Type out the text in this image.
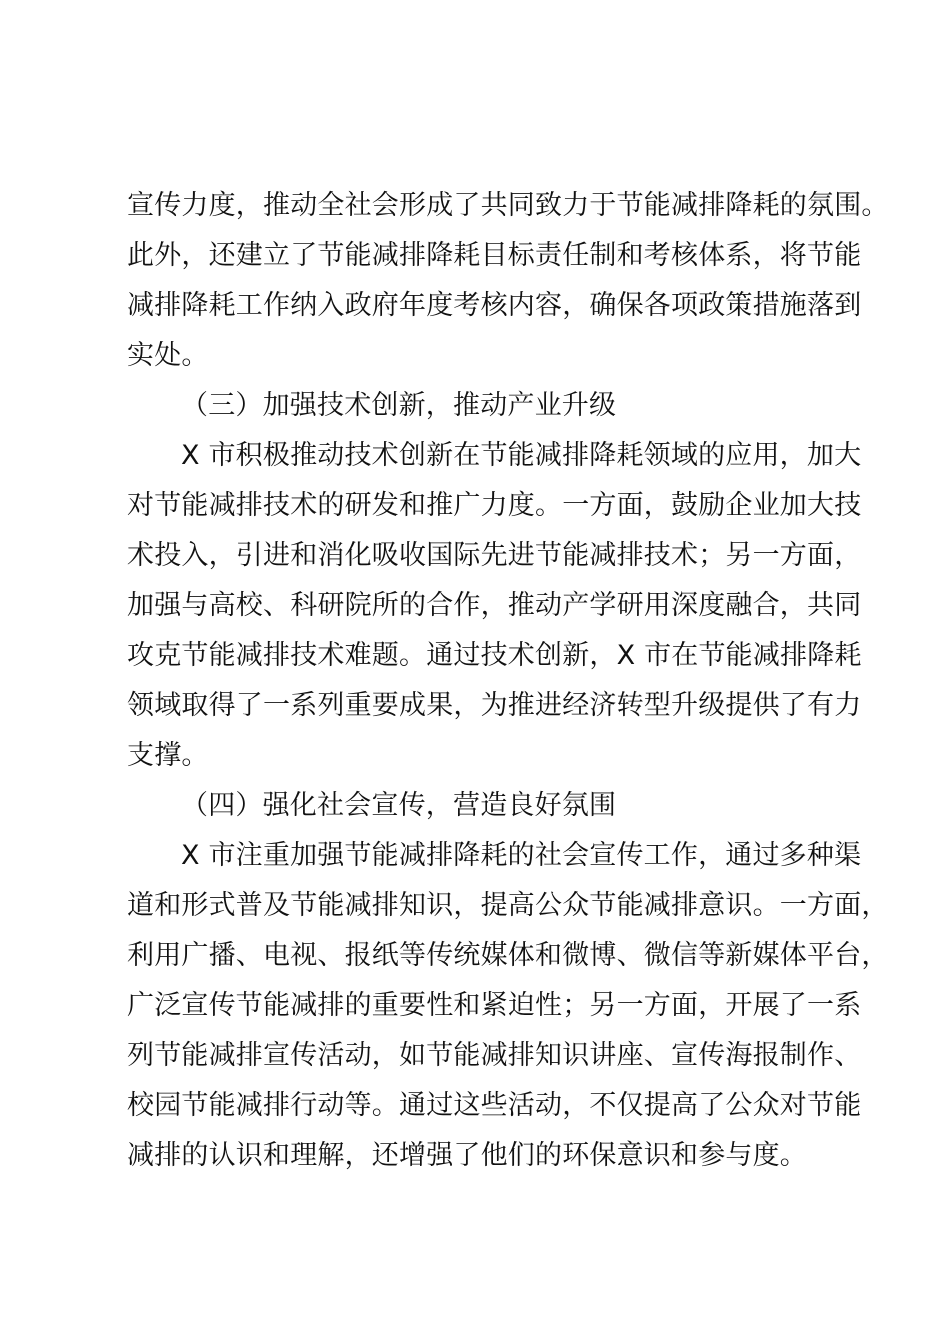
宣传力度，推动全社会形成了共同致力于节能减排降耗的氛围。
此外，还建立了节能减排降耗目标责任制和考核体系，将节能
减排降耗工作纳入政府年度考核内容，确保各项政策措施落到
实处。
（三）加强技术创新，推动产业升级
X 市积极推动技术创新在节能减排降耗领域的应用，加大
对节能减排技术的研发和推广力度。一方面，鼓励企业加大技
术投入，引进和消化吸收国际先进节能减排技术；另一方面，
加强与高校、科研院所的合作，推动产学研用深度融合，共同
攻克节能减排技术难题。通过技术创新，X 市在节能减排降耗
领域取得了一系列重要成果，为推进经济转型升级提供了有力
支撑。
（四）强化社会宣传，营造良好氛围
X 市注重加强节能减排降耗的社会宣传工作，通过多种渠
道和形式普及节能减排知识，提高公众节能减排意识。一方面，
利用广播、电视、报纸等传统媒体和微博、微信等新媒体平台，
广泛宣传节能减排的重要性和紧迫性；另一方面，开展了一系
列节能减排宣传活动，如节能减排知识讲座、宣传海报制作、
校园节能减排行动等。通过这些活动，不仅提高了公众对节能
减排的认识和理解，还增强了他们的环保意识和参与度。
